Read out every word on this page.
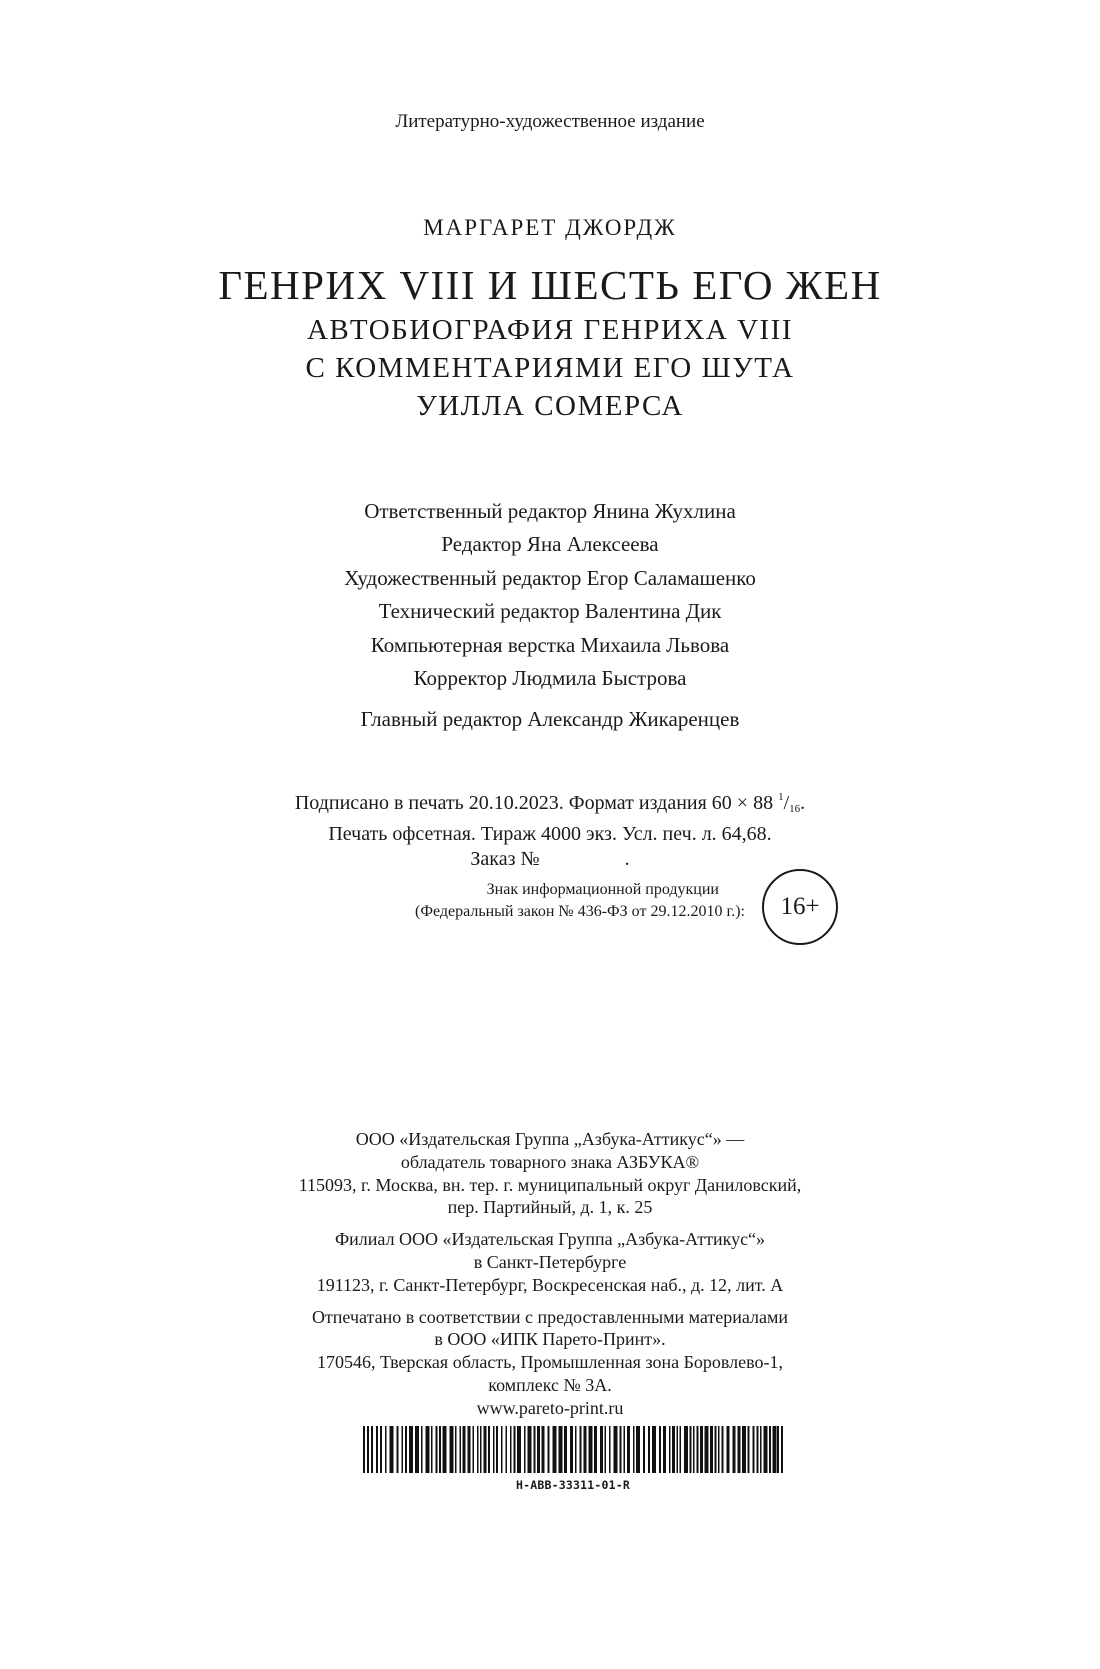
Литературно-художественное издание
МАРГАРЕТ ДЖОРДЖ
ГЕНРИХ VIII И ШЕСТЬ ЕГО ЖЕН
АВТОБИОГРАФИЯ ГЕНРИХА VIII
С КОММЕНТАРИЯМИ ЕГО ШУТА
УИЛЛА СОМЕРСА
Ответственный редактор Янина Жухлина
Редактор Яна Алексеева
Художественный редактор Егор Саламашенко
Технический редактор Валентина Дик
Компьютерная верстка Михаила Львова
Корректор Людмила Быстрова
Главный редактор Александр Жикаренцев
Подписано в печать 20.10.2023. Формат издания 60 × 88 $^1/_{16}$.
Печать офсетная. Тираж 4000 экз. Усл. печ. л. 64,68.
Заказ №	.
Знак информационной продукции
(Федеральный закон № 436-ФЗ от 29.12.2010 г.):	16+
ООО «Издательская Группа „Азбука-Аттикус“» —
обладатель товарного знака АЗБУКА®
115093, г. Москва, вн. тер. г. муниципальный округ Даниловский,
пер. Партийный, д. 1, к. 25
Филиал ООО «Издательская Группа „Азбука-Аттикус“»
в Санкт-Петербурге
191123, г. Санкт-Петербург, Воскресенская наб., д. 12, лит. А
Отпечатано в соответствии с предоставленными материалами
в ООО «ИПК Парето-Принт».
170546, Тверская область, Промышленная зона Боровлево-1,
комплекс № 3А.
www.pareto-print.ru
H-ABB-33311-01-R
